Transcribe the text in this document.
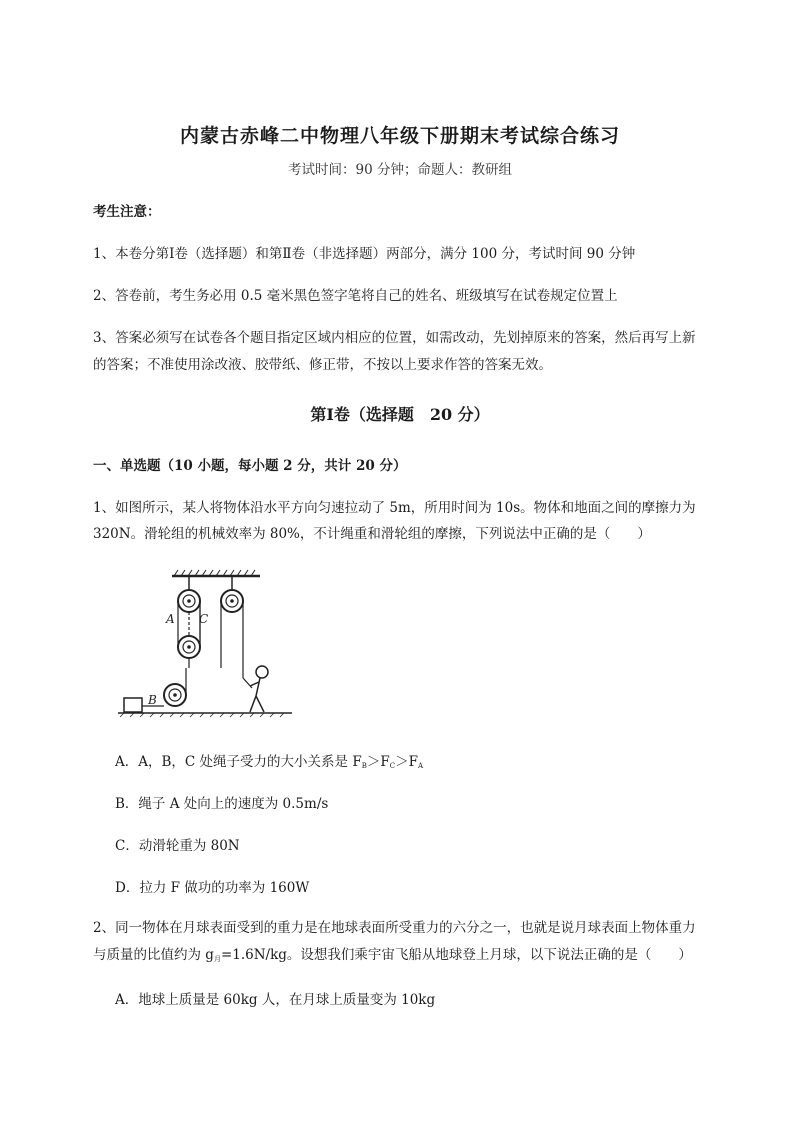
内蒙古赤峰二中物理八年级下册期末考试综合练习
考试时间：90 分钟；命题人：教研组
考生注意：
1、本卷分第Ⅰ卷（选择题）和第Ⅱ卷（非选择题）两部分，满分 100 分，考试时间 90 分钟
2、答卷前，考生务必用 0.5 毫米黑色签字笔将自己的姓名、班级填写在试卷规定位置上
3、答案必须写在试卷各个题目指定区域内相应的位置，如需改动，先划掉原来的答案，然后再写上新
的答案；不准使用涂改液、胶带纸、修正带，不按以上要求作答的答案无效。
第Ⅰ卷（选择题　20 分）
一、单选题（10 小题，每小题 2 分，共计 20 分）
1、如图所示，某人将物体沿水平方向匀速拉动了 5m，所用时间为 10s。物体和地面之间的摩擦力为
320N。滑轮组的机械效率为 80%，不计绳重和滑轮组的摩擦，下列说法中正确的是（　　）
A C
B
A．A，B，C 处绳子受力的大小关系是 $F_B>F_C>F_A$
B．绳子 A 处向上的速度为 0.5m/s
C．动滑轮重为 80N
D．拉力 F 做功的功率为 160W
2、同一物体在月球表面受到的重力是在地球表面所受重力的六分之一，也就是说月球表面上物体重力
与质量的比值约为 $g_月=1.6N/kg$。设想我们乘宇宙飞船从地球登上月球，以下说法正确的是（　　）
A．地球上质量是 60kg 人，在月球上质量变为 10kg
